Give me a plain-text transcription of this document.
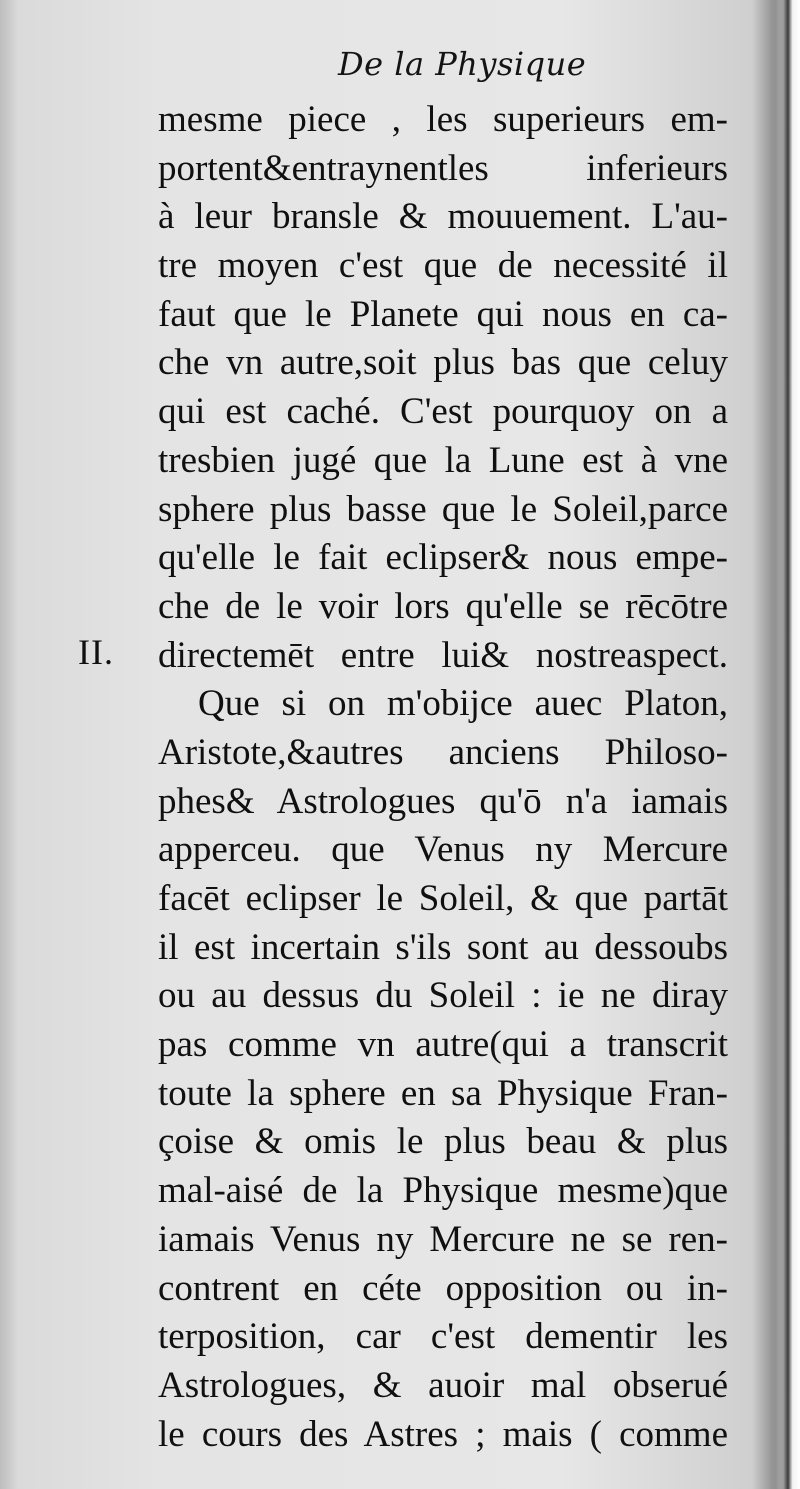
De la Physique
II.
mesme piece , les superieurs em-
portent&entraynentles inferieurs
à leur bransle & mouuement. L'au-
tre moyen c'est que de necessité il
faut que le Planete qui nous en ca-
che vn autre,soit plus bas que celuy
qui est caché. C'est pourquoy on a
tresbien jugé que la Lune est à vne
sphere plus basse que le Soleil,parce
qu'elle le fait eclipser& nous empe-
che de le voir lors qu'elle se rēcōtre
directemēt entre lui& nostreaspect.
Que si on m'obijce auec Platon,
Aristote,&autres anciens Philoso-
phes& Astrologues qu'ō n'a iamais
apperceu. que Venus ny Mercure
facēt eclipser le Soleil, & que partāt
il est incertain s'ils sont au dessoubs
ou au dessus du Soleil : ie ne diray
pas comme vn autre(qui a transcrit
toute la sphere en sa Physique Fran-
çoise & omis le plus beau & plus
mal-aisé de la Physique mesme)que
iamais Venus ny Mercure ne se ren-
contrent en céte opposition ou in-
terposition, car c'est dementir les
Astrologues, & auoir mal obserué
le cours des Astres ; mais ( comme
